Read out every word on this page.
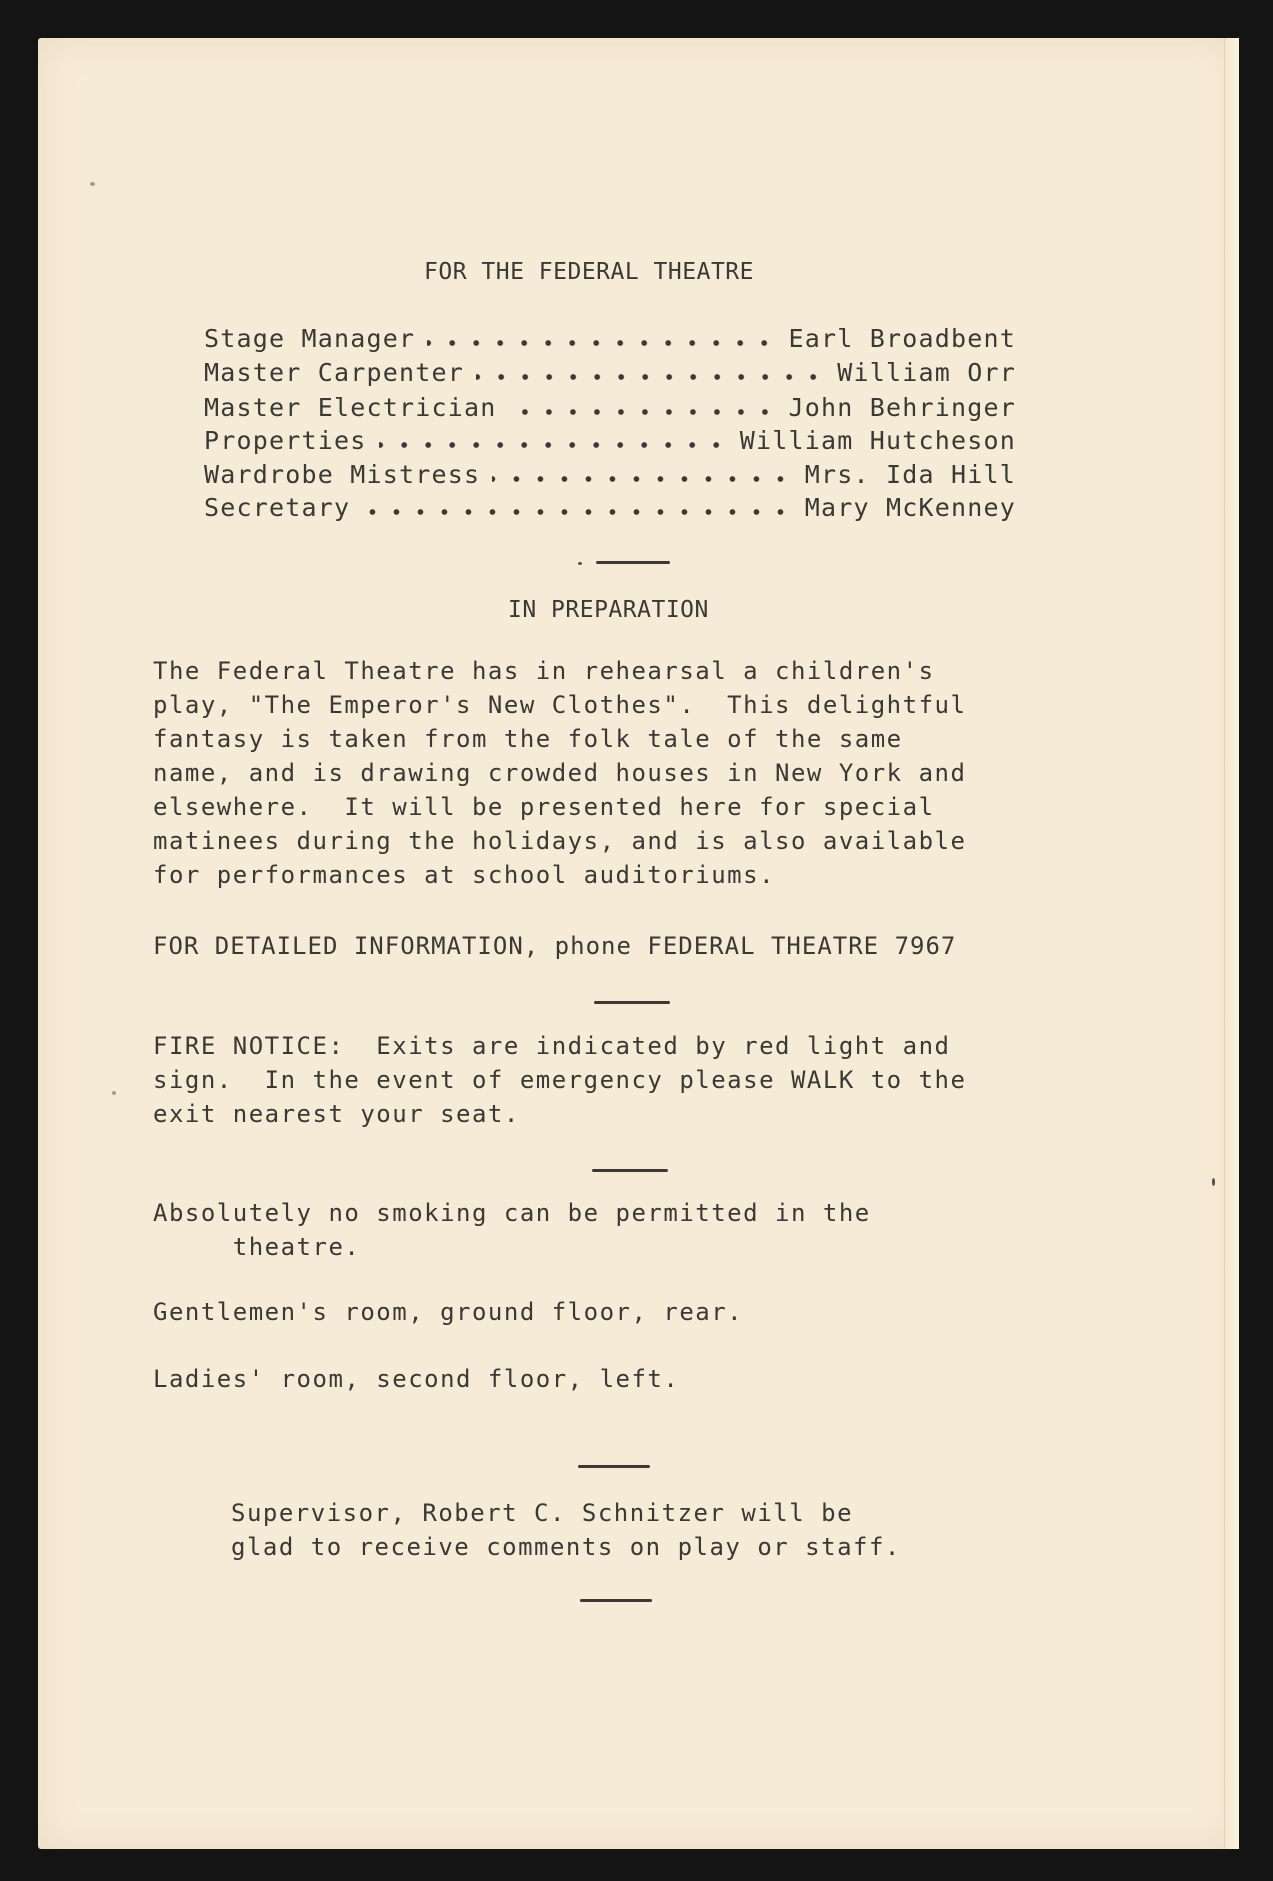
FOR THE FEDERAL THEATRE
Stage Manager	Earl Broadbent
Master Carpenter	William Orr
Master Electrician	John Behringer
Properties	William Hutcheson
Wardrobe Mistress	Mrs. Ida Hill
Secretary	Mary McKenney
IN PREPARATION
The Federal Theatre has in rehearsal a children's
play, "The Emperor's New Clothes".  This delightful
fantasy is taken from the folk tale of the same
name, and is drawing crowded houses in New York and
elsewhere.  It will be presented here for special
matinees during the holidays, and is also available
for performances at school auditoriums.
FOR DETAILED INFORMATION, phone FEDERAL THEATRE 7967
FIRE NOTICE:  Exits are indicated by red light and
sign.  In the event of emergency please WALK to the
exit nearest your seat.
Absolutely no smoking can be permitted in the
theatre.
Gentlemen's room, ground floor, rear.
Ladies' room, second floor, left.
Supervisor, Robert C. Schnitzer will be
glad to receive comments on play or staff.
